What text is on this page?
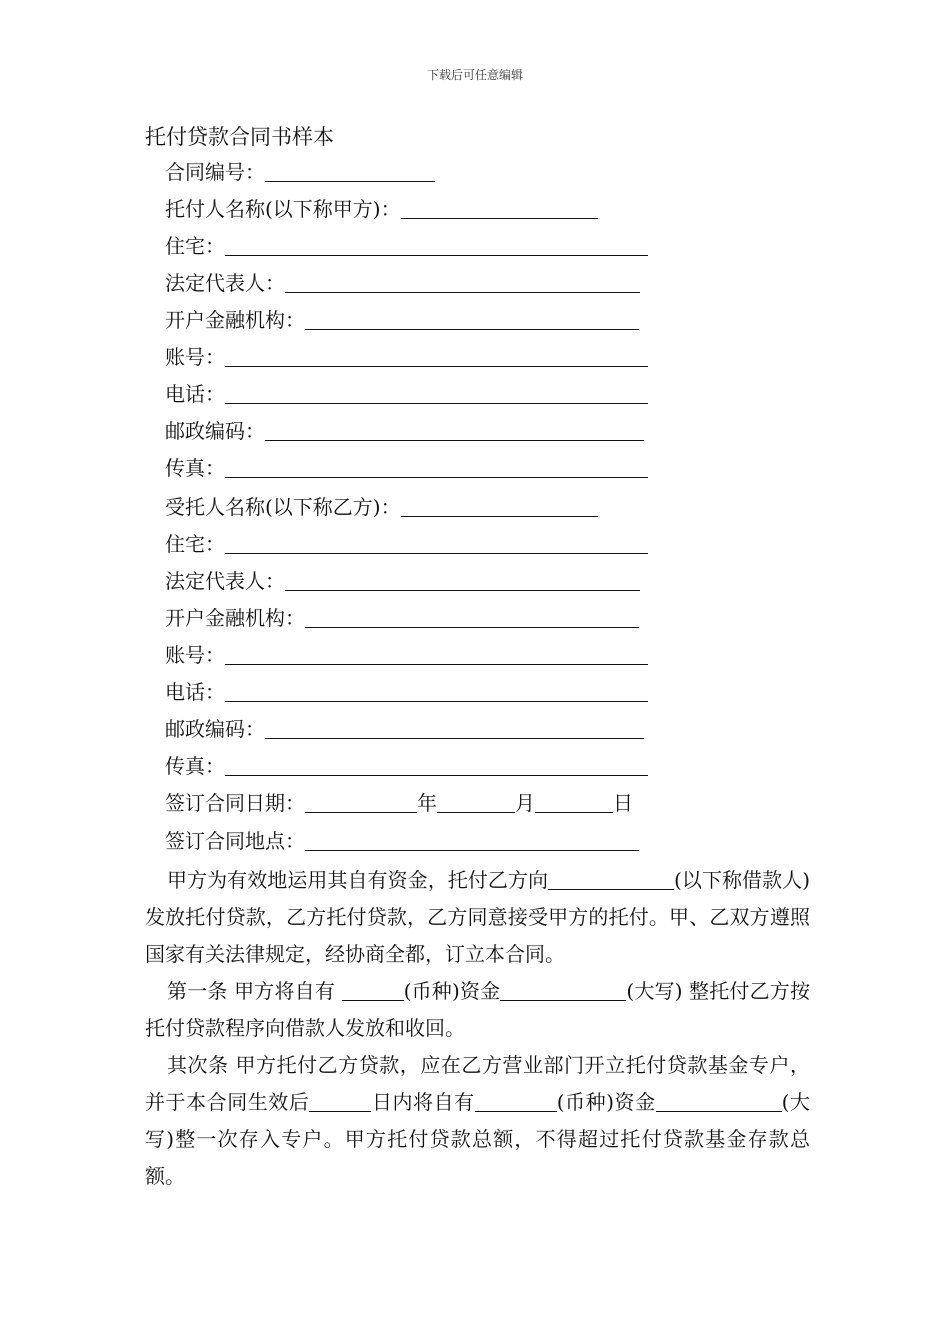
下载后可任意编辑
托付贷款合同书样本
合同编号：
托付人名称(以下称甲方)：
住宅：
法定代表人：
开户金融机构：
账号：
电话：
邮政编码：
传真：
受托人名称(以下称乙方)：
住宅：
法定代表人：
开户金融机构：
账号：
电话：
邮政编码：
传真：
签订合同日期：	年	月	日
签订合同地点：
甲方为有效地运用其自有资金，托付乙方向	(以下称借款人) 发放托付贷款，乙方托付贷款，乙方同意接受甲方的托付。甲、乙双方遵照国家有关法律规定，经协商全都，订立本合同。
第一条 甲方将自有	(币种)资金	(大写) 整托付乙方按托付贷款程序向借款人发放和收回。
其次条 甲方托付乙方贷款，应在乙方营业部门开立托付贷款基金专户，并于本合同生效后	日内将自有	(币种)资金	(大写)整一次存入专户。甲方托付贷款总额，不得超过托付贷款基金存款总额。
